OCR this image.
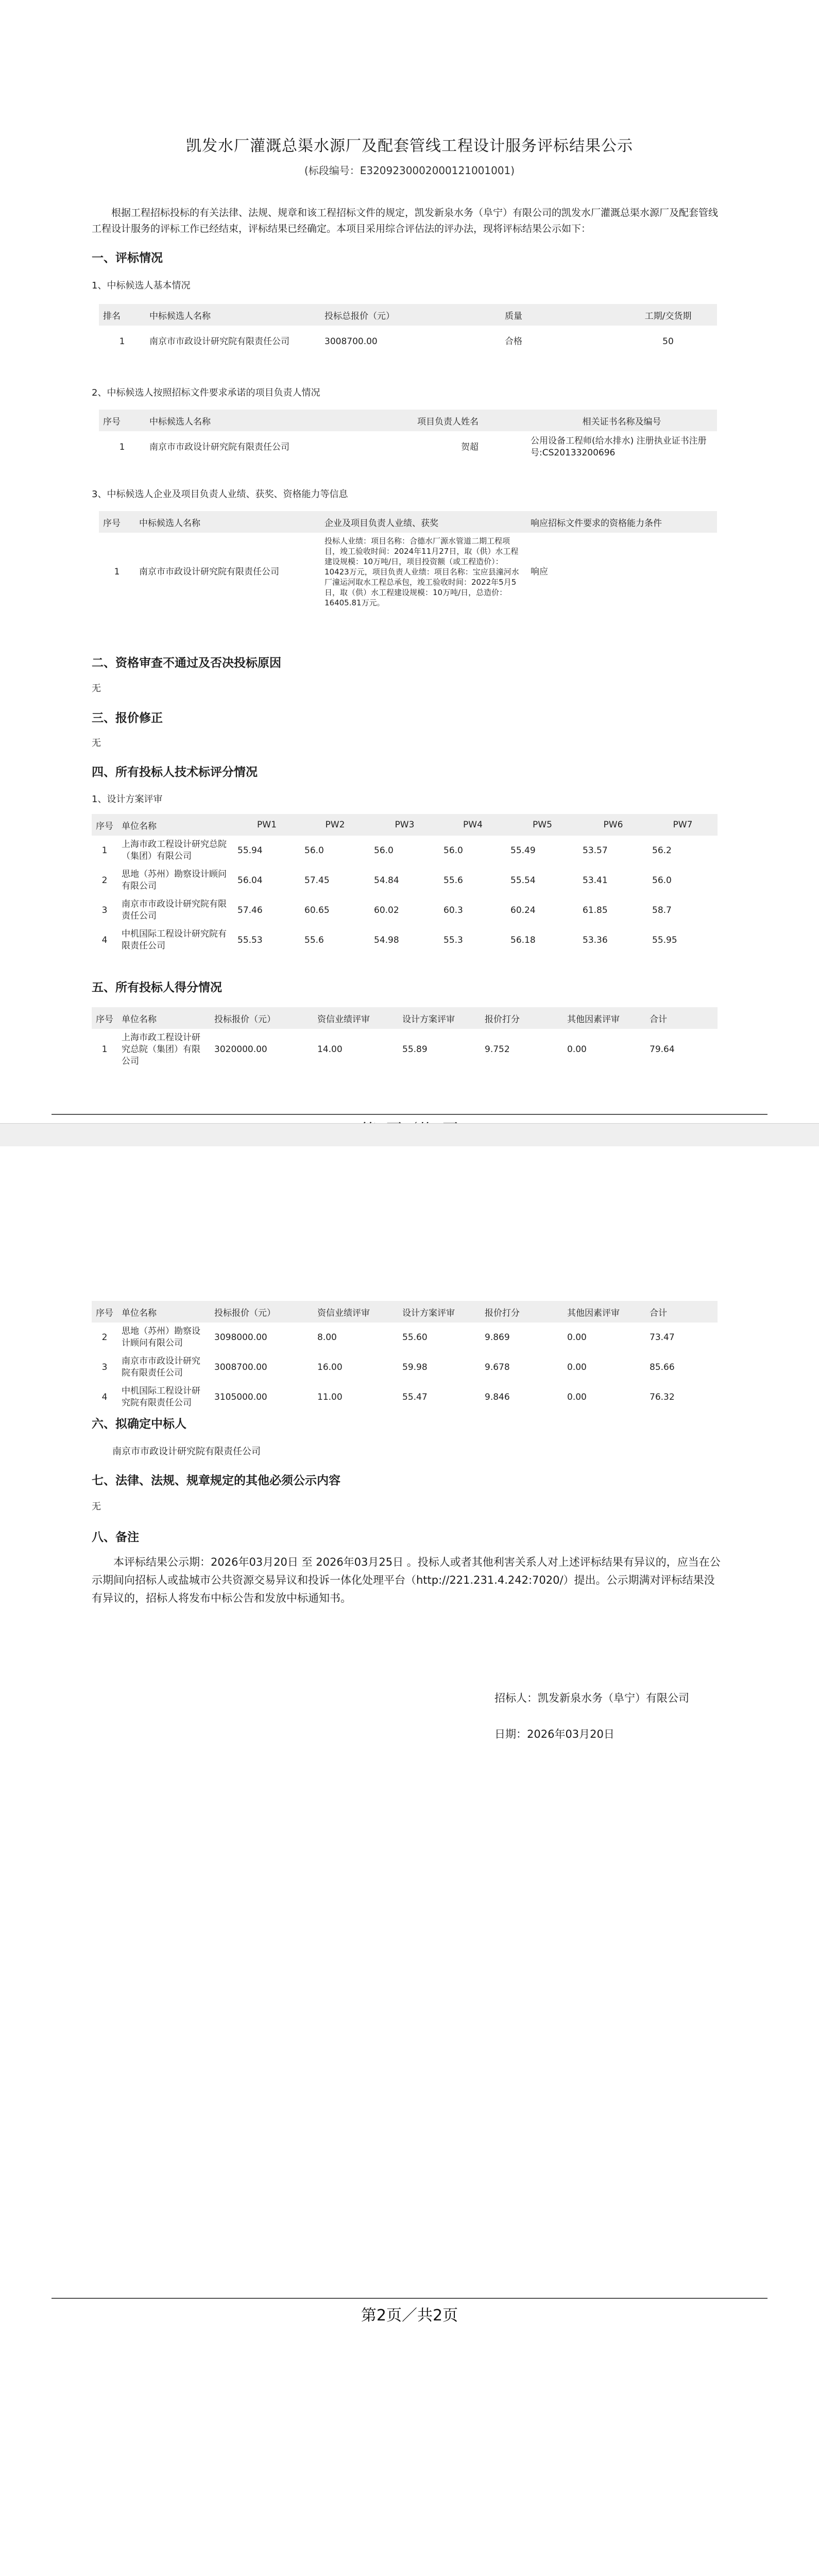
凯发水厂灌溉总渠水源厂及配套管线工程设计服务评标结果公示
(标段编号：E3209230002000121001001)
根据工程招标投标的有关法律、法规、规章和该工程招标文件的规定，凯发新泉水务（阜宁）有限公司的凯发水厂灌溉总渠水源厂及配套管线工程设计服务的评标工作已经结束，评标结果已经确定。本项目采用综合评估法的评办法，现将评标结果公示如下：
一、评标情况
1、中标候选人基本情况
排名	中标候选人名称	投标总报价（元）	质量	工期/交货期
1	南京市市政设计研究院有限责任公司	3008700.00	合格	50
2、中标候选人按照招标文件要求承诺的项目负责人情况
序号	中标候选人名称	项目负责人姓名	相关证书名称及编号
1	南京市市政设计研究院有限责任公司	贺超	公用设备工程师(给水排水) 注册执业证书注册号:CS20133200696
3、中标候选人企业及项目负责人业绩、获奖、资格能力等信息
序号	中标候选人名称	企业及项目负责人业绩、获奖	响应招标文件要求的资格能力条件
1	南京市市政设计研究院有限责任公司	投标人业绩：项目名称：合德水厂源水管道二期工程项目，竣工验收时间：2024年11月27日，取（供）水工程建设规模：10万吨/日，项目投资额（或工程造价）：10423万元，项目负责人业绩：项目名称：宝应县潼河水厂潼运河取水工程总承包，竣工验收时间：2022年5月5日，取（供）水工程建设规模：10万吨/日，总造价：16405.81万元。	响应
二、资格审查不通过及否决投标原因
无
三、报价修正
无
四、所有投标人技术标评分情况
1、设计方案评审
序号	单位名称	PW1	PW2	PW3	PW4	PW5	PW6	PW7
1	上海市政工程设计研究总院（集团）有限公司	55.94	56.0	56.0	56.0	55.49	53.57	56.2
2	思地（苏州）勘察设计顾问有限公司	56.04	57.45	54.84	55.6	55.54	53.41	56.0
3	南京市市政设计研究院有限责任公司	57.46	60.65	60.02	60.3	60.24	61.85	58.7
4	中机国际工程设计研究院有限责任公司	55.53	55.6	54.98	55.3	56.18	53.36	55.95
五、所有投标人得分情况
序号	单位名称	投标报价（元）	资信业绩评审	设计方案评审	报价打分	其他因素评审	合计
1	上海市政工程设计研究总院（集团）有限公司	3020000.00	14.00	55.89	9.752	0.00	79.64
序号	单位名称	投标报价（元）	资信业绩评审	设计方案评审	报价打分	其他因素评审	合计
2	思地（苏州）勘察设计顾问有限公司	3098000.00	8.00	55.60	9.869	0.00	73.47
3	南京市市政设计研究院有限责任公司	3008700.00	16.00	59.98	9.678	0.00	85.66
4	中机国际工程设计研究院有限责任公司	3105000.00	11.00	55.47	9.846	0.00	76.32
六、拟确定中标人
南京市市政设计研究院有限责任公司
七、法律、法规、规章规定的其他必须公示内容
无
八、备注
本评标结果公示期：2026年03月20日 至 2026年03月25日 。投标人或者其他利害关系人对上述评标结果有异议的，应当在公示期间向招标人或盐城市公共资源交易异议和投诉一体化处理平台（http://221.231.4.242:7020/）提出。公示期满对评标结果没有异议的，招标人将发布中标公告和发放中标通知书。
招标人：凯发新泉水务（阜宁）有限公司
日期：2026年03月20日
第2页／共2页
